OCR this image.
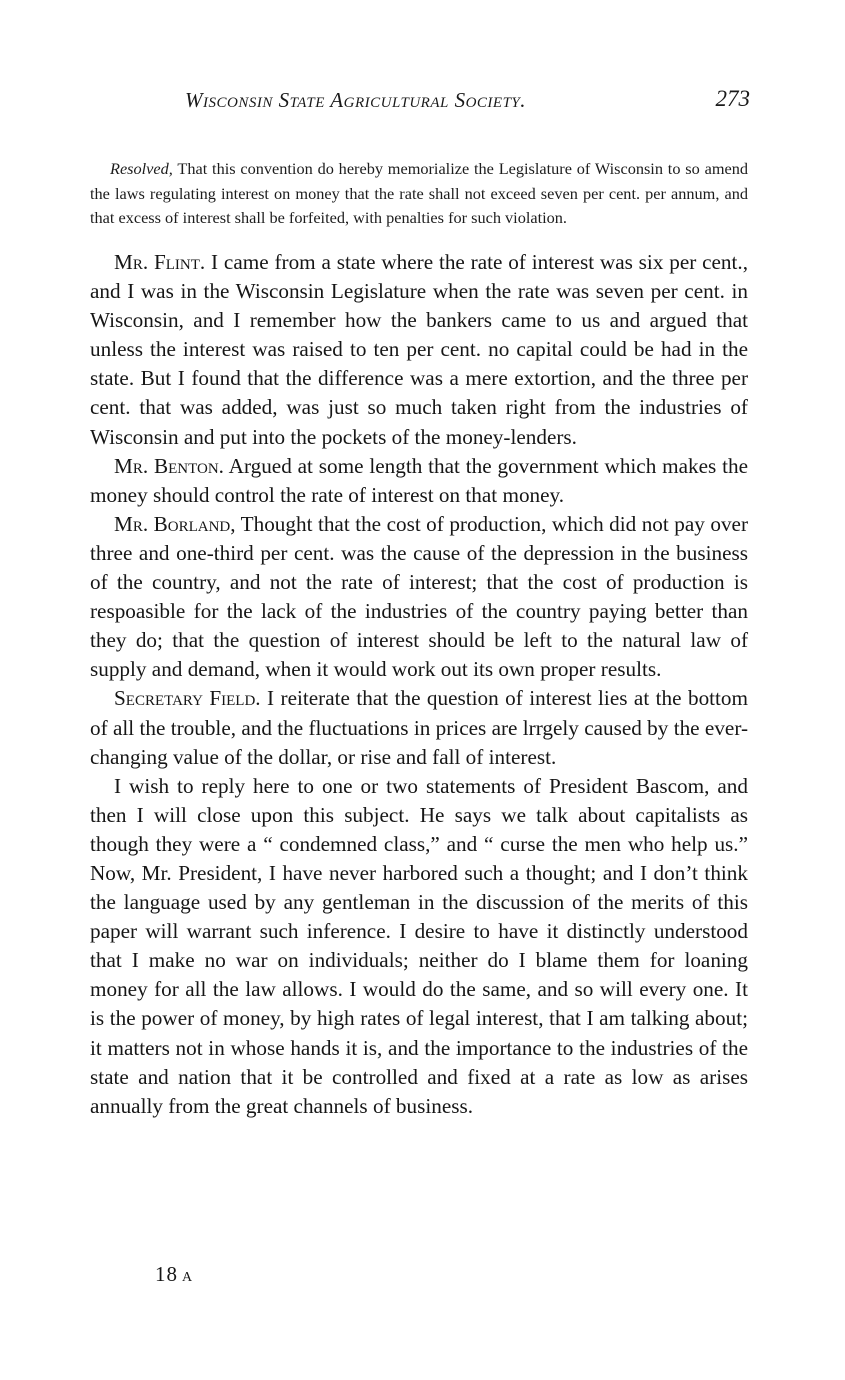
Wisconsin State Agricultural Society.	273

Resolved, That this convention do hereby memorialize the Legislature of Wisconsin to so amend the laws regulating interest on money that the rate shall not exceed seven per cent. per annum, and that excess of interest shall be forfeited, with penalties for such violation.

Mr. Flint. I came from a state where the rate of interest was six per cent., and I was in the Wisconsin Legislature when the rate was seven per cent. in Wisconsin, and I remember how the bankers came to us and argued that unless the interest was raised to ten per cent. no capital could be had in the state. But I found that the difference was a mere extortion, and the three per cent. that was added, was just so much taken right from the industries of Wisconsin and put into the pockets of the money-lenders.

Mr. Benton. Argued at some length that the government which makes the money should control the rate of interest on that money.

Mr. Borland, Thought that the cost of production, which did not pay over three and one-third per cent. was the cause of the depression in the business of the country, and not the rate of interest; that the cost of production is respoasible for the lack of the industries of the country paying better than they do; that the question of interest should be left to the natural law of supply and demand, when it would work out its own proper results.

Secretary Field. I reiterate that the question of interest lies at the bottom of all the trouble, and the fluctuations in prices are lrrgely caused by the ever-changing value of the dollar, or rise and fall of interest.

I wish to reply here to one or two statements of President Bascom, and then I will close upon this subject. He says we talk about capitalists as though they were a “ condemned class,” and “ curse the men who help us.” Now, Mr. President, I have never harbored such a thought; and I don’t think the language used by any gentleman in the discussion of the merits of this paper will warrant such inference. I desire to have it distinctly understood that I make no war on individuals; neither do I blame them for loaning money for all the law allows. I would do the same, and so will every one. It is the power of money, by high rates of legal interest, that I am talking about; it matters not in whose hands it is, and the importance to the industries of the state and nation that it be controlled and fixed at a rate as low as arises annually from the great channels of business.

18 A
